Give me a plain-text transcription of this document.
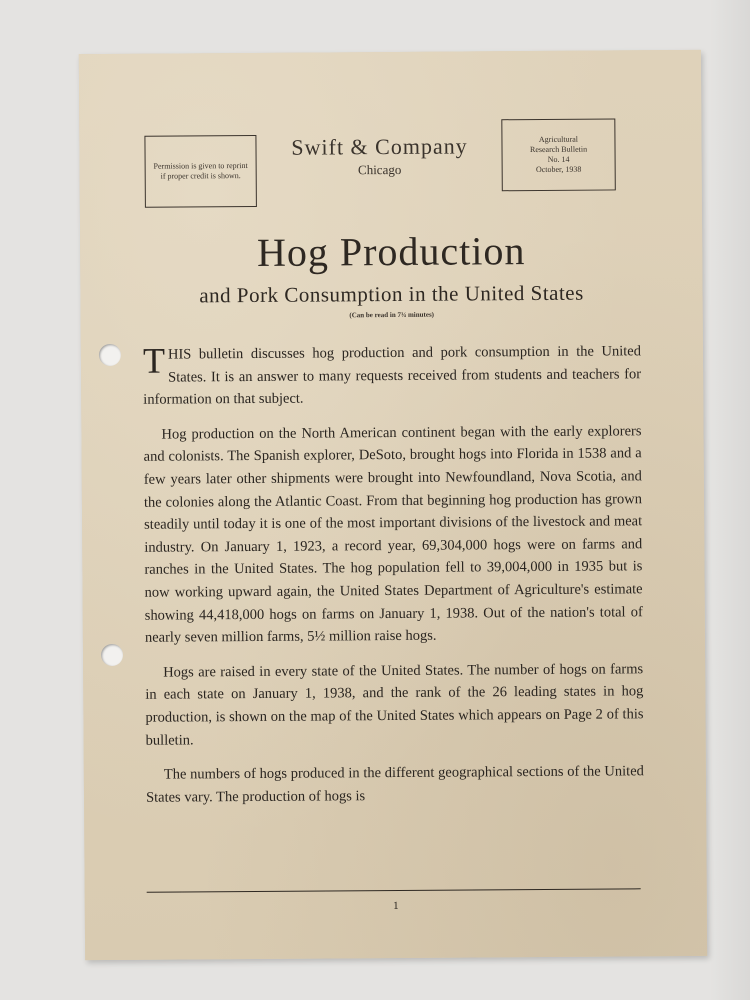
Permission is given to reprint if proper credit is shown.
Swift & Company
Chicago
Agricultural
Research Bulletin
No. 14
October, 1938
Hog Production
and Pork Consumption in the United States
(Can be read in 7¾ minutes)

THIS bulletin discusses hog production and pork consumption in the United States. It is an answer to many requests received from students and teachers for information on that subject.

Hog production on the North American continent began with the early explorers and colonists. The Spanish explorer, DeSoto, brought hogs into Florida in 1538 and a few years later other shipments were brought into Newfoundland, Nova Scotia, and the colonies along the Atlantic Coast. From that beginning hog production has grown steadily until today it is one of the most important divisions of the livestock and meat industry. On January 1, 1923, a record year, 69,304,000 hogs were on farms and ranches in the United States. The hog population fell to 39,004,000 in 1935 but is now working upward again, the United States Department of Agriculture's estimate showing 44,418,000 hogs on farms on January 1, 1938. Out of the nation's total of nearly seven million farms, 5½ million raise hogs.

Hogs are raised in every state of the United States. The number of hogs on farms in each state on January 1, 1938, and the rank of the 26 leading states in hog production, is shown on the map of the United States which appears on Page 2 of this bulletin.

The numbers of hogs produced in the different geographical sections of the United States vary. The production of hogs is

1
